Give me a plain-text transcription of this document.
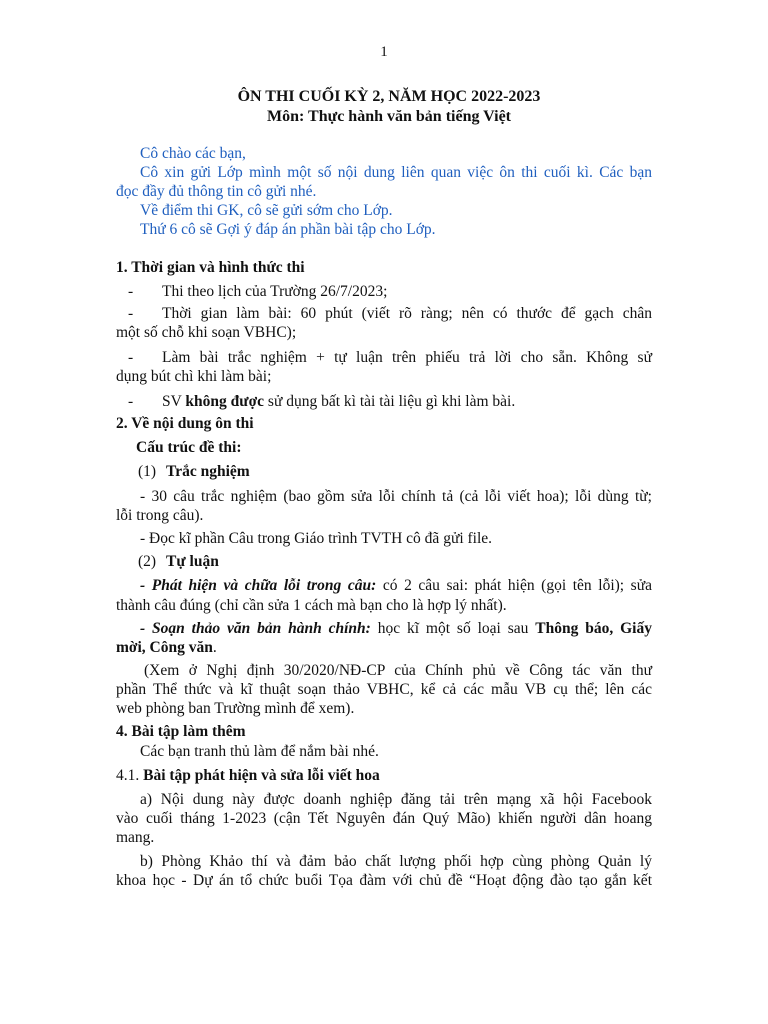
1
ÔN THI CUỐI KỲ 2, NĂM HỌC 2022-2023
Môn: Thực hành văn bản tiếng Việt
Cô chào các bạn,
Cô xin gửi Lớp mình một số nội dung liên quan việc ôn thi cuối kì. Các bạn
đọc đầy đủ thông tin cô gửi nhé.
Về điểm thi GK, cô sẽ gửi sớm cho Lớp.
Thứ 6 cô sẽ Gợi ý đáp án phần bài tập cho Lớp.
1. Thời gian và hình thức thi
- Thi theo lịch của Trường 26/7/2023;
- Thời gian làm bài: 60 phút (viết rõ ràng; nên có thước để gạch chân
một số chỗ khi soạn VBHC);
- Làm bài trắc nghiệm + tự luận trên phiếu trả lời cho sẵn. Không sử
dụng bút chì khi làm bài;
- SV không được sử dụng bất kì tài tài liệu gì khi làm bài.
2. Về nội dung ôn thi
Cấu trúc đề thi:
(1) Trắc nghiệm
- 30 câu trắc nghiệm (bao gồm sửa lỗi chính tả (cả lỗi viết hoa); lỗi dùng từ;
lỗi trong câu).
- Đọc kĩ phần Câu trong Giáo trình TVTH cô đã gửi file.
(2) Tự luận
- Phát hiện và chữa lỗi trong câu: có 2 câu sai: phát hiện (gọi tên lỗi); sửa
thành câu đúng (chỉ cần sửa 1 cách mà bạn cho là hợp lý nhất).
- Soạn thảo văn bản hành chính: học kĩ một số loại sau Thông báo, Giấy
mời, Công văn.
(Xem ở Nghị định 30/2020/NĐ-CP của Chính phủ về Công tác văn thư
phần Thể thức và kĩ thuật soạn thảo VBHC, kể cả các mẫu VB cụ thể; lên các
web phòng ban Trường mình để xem).
4. Bài tập làm thêm
Các bạn tranh thủ làm để nắm bài nhé.
4.1. Bài tập phát hiện và sửa lỗi viết hoa
a) Nội dung này được doanh nghiệp đăng tải trên mạng xã hội Facebook
vào cuối tháng 1-2023 (cận Tết Nguyên đán Quý Mão) khiến người dân hoang
mang.
b) Phòng Khảo thí và đảm bảo chất lượng phối hợp cùng phòng Quản lý
khoa học - Dự án tổ chức buổi Tọa đàm với chủ đề “Hoạt động đào tạo gắn kết
